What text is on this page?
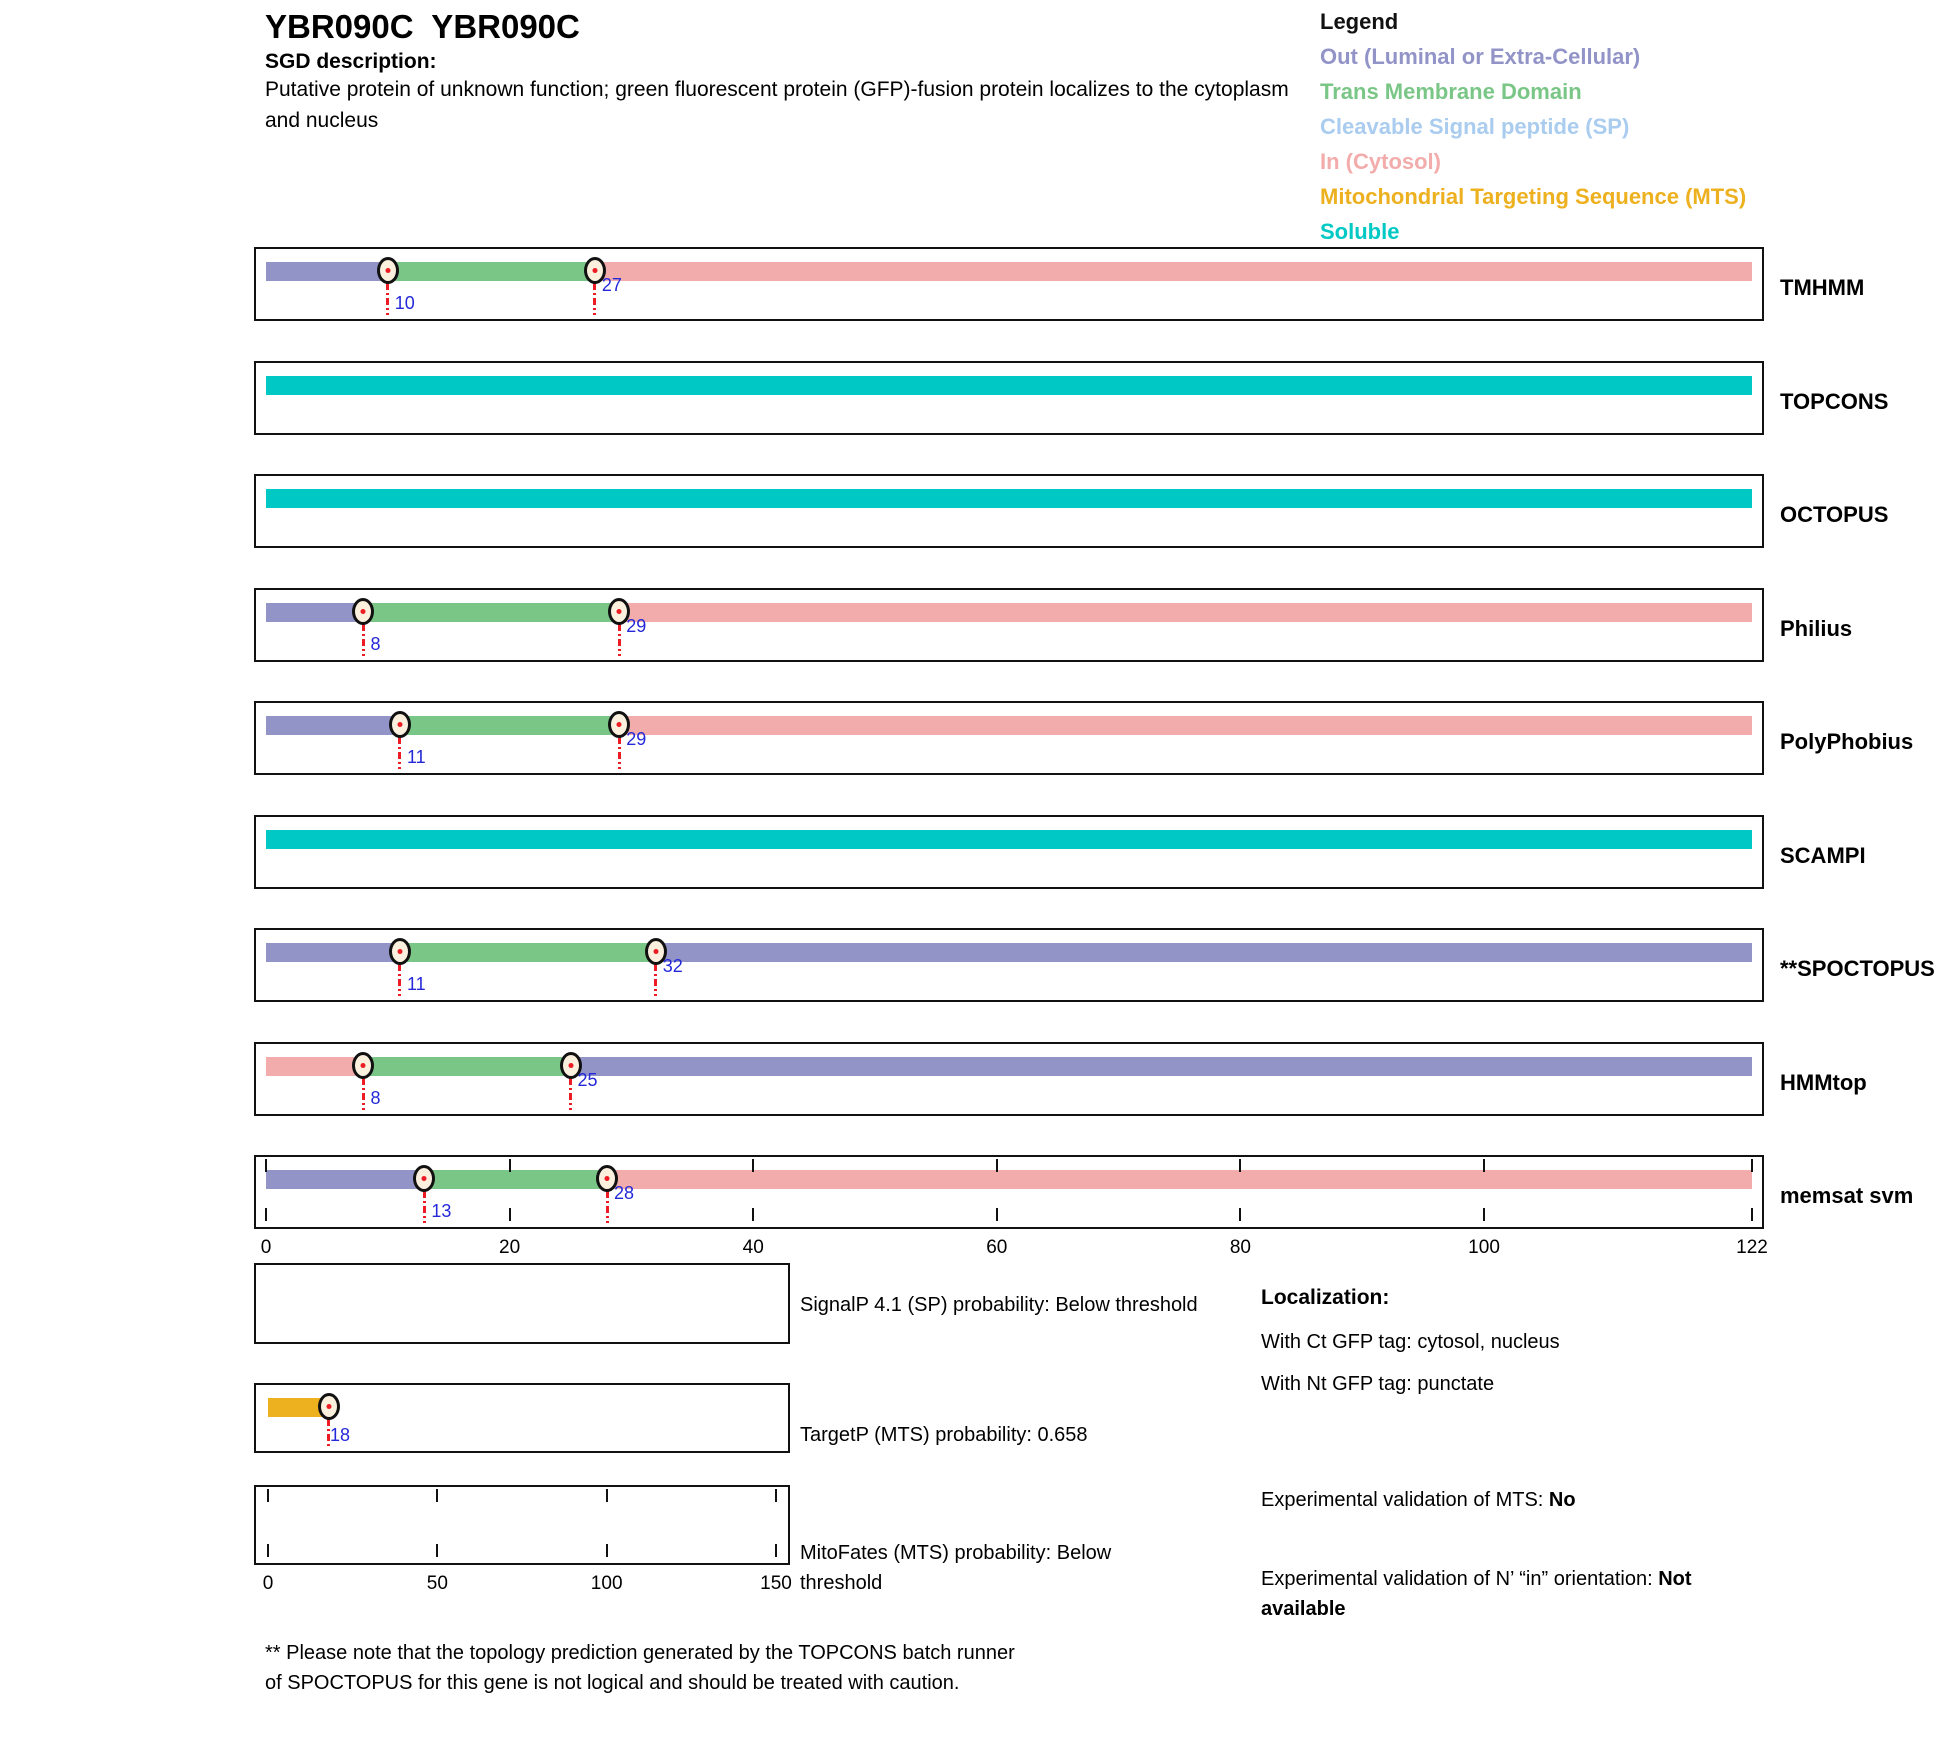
YBR090C  YBR090C
SGD description:
Putative protein of unknown function; green fluorescent protein (GFP)-fusion protein localizes to the cytoplasm and nucleus
Legend
Out (Luminal or Extra-Cellular)
Trans Membrane Domain
Cleavable Signal peptide (SP)
In (Cytosol)
Mitochondrial Targeting Sequence (MTS)
Soluble
10
27	TMHMM
TOPCONS
OCTOPUS
8
29	Philius
11
29	PolyPhobius
SCAMPI
11
32	**SPOCTOPUS
8
25	HMMtop
13
28
0	20	40	60	80	100	122
memsat svm
SignalP 4.1 (SP) probability: Below threshold
18	TargetP (MTS) probability: 0.658
0	50	100	150
MitoFates (MTS) probability: Below threshold
Localization:
With Ct GFP tag: cytosol, nucleus
With Nt GFP tag: punctate
Experimental validation of MTS: No
Experimental validation of N’ “in” orientation: Not available
** Please note that the topology prediction generated by the TOPCONS batch runner of SPOCTOPUS for this gene is not logical and should be treated with caution.
